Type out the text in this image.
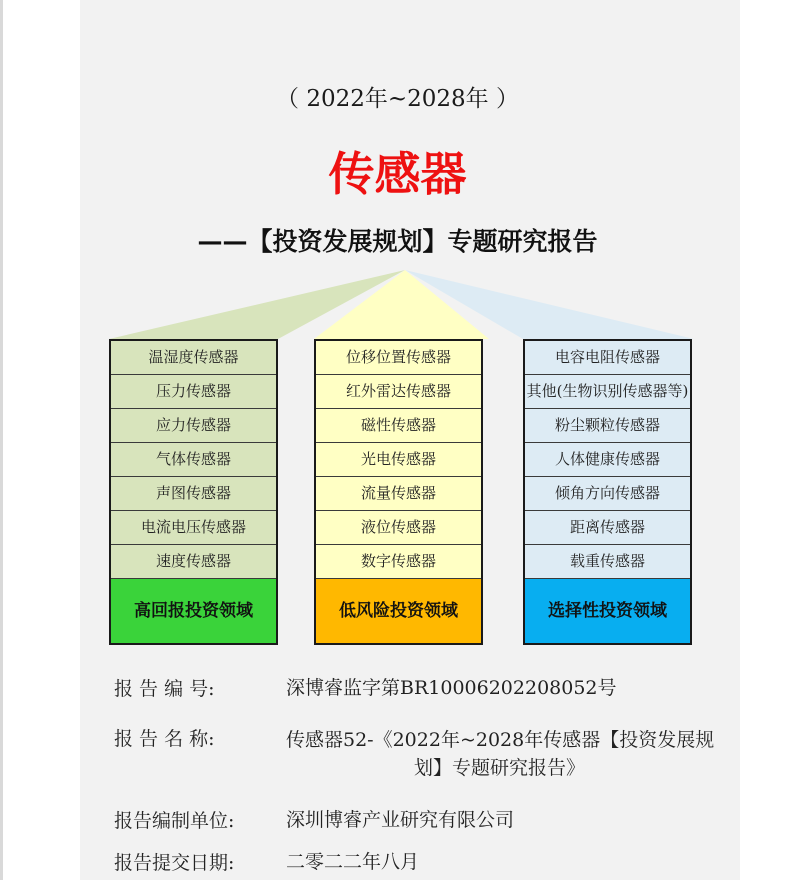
（ 2022年~2028年 ）
传感器
——【投资发展规划】专题研究报告
温湿度传感器
压力传感器
应力传感器
气体传感器
声图传感器
电流电压传感器
速度传感器
高回报投资领域
位移位置传感器
红外雷达传感器
磁性传感器
光电传感器
流量传感器
液位传感器
数字传感器
低风险投资领域
电容电阻传感器
其他(生物识别传感器等)
粉尘颗粒传感器
人体健康传感器
倾角方向传感器
距离传感器
载重传感器
选择性投资领域
报 告 编 号:	深博睿监字第BR10006202208052号
报 告 名 称:	传感器52-《2022年~2028年传感器【投资发展规
划】专题研究报告》
报告编制单位:	深圳博睿产业研究有限公司
报告提交日期:	二零二二年八月
